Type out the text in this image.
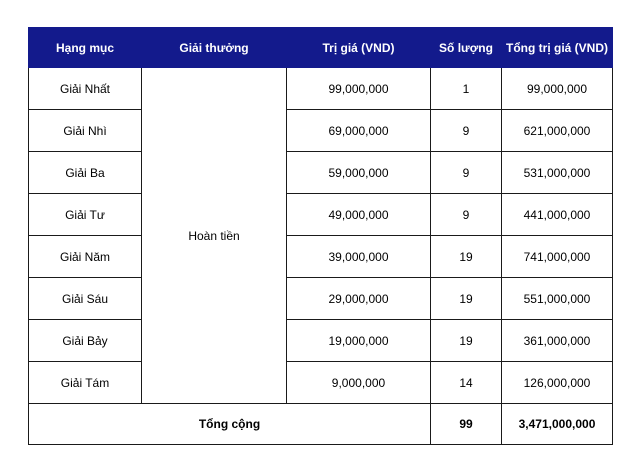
Hạng mục	Giải thưởng	Trị giá (VND)	Số lượng	Tổng trị giá (VND)
Giải Nhất	Hoàn tiền	99,000,000	1	99,000,000
Giải Nhì		69,000,000	9	621,000,000
Giải Ba		59,000,000	9	531,000,000
Giải Tư		49,000,000	9	441,000,000
Giải Năm		39,000,000	19	741,000,000
Giải Sáu		29,000,000	19	551,000,000
Giải Bảy		19,000,000	19	361,000,000
Giải Tám		9,000,000	14	126,000,000
Tổng cộng			99	3,471,000,000
